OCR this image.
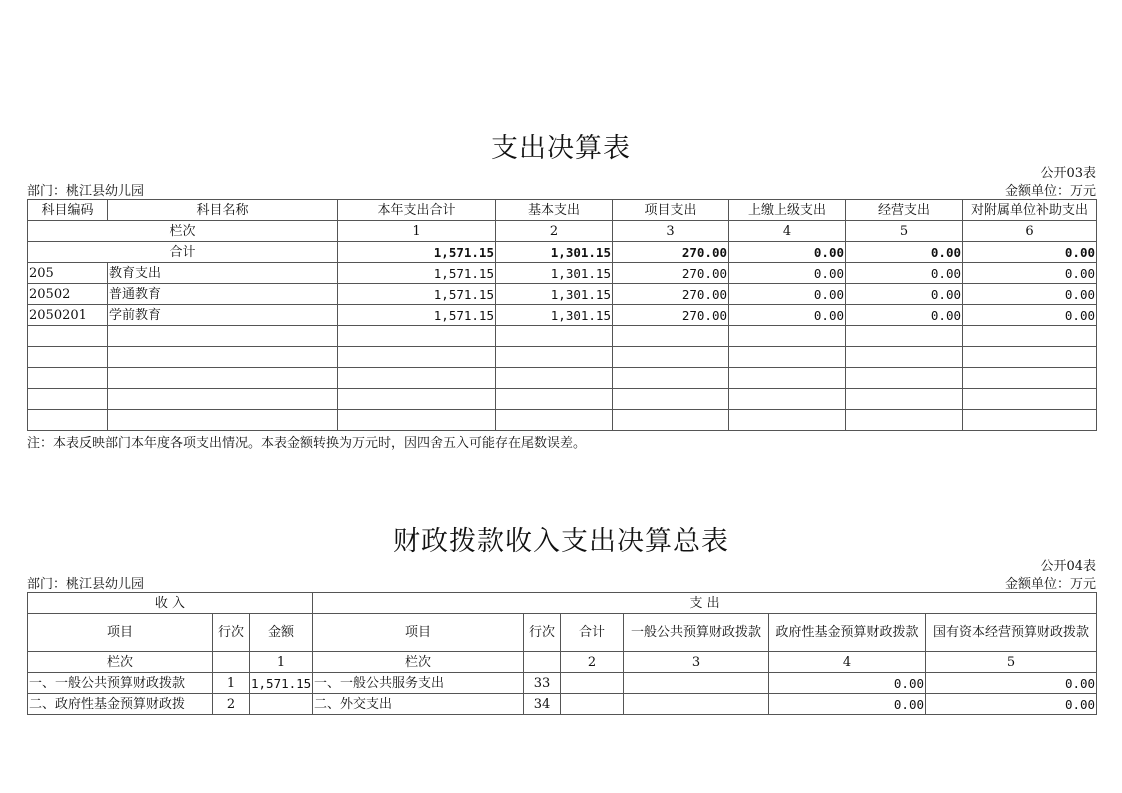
支出决算表
公开03表
部门：桃江县幼儿园	金额单位：万元
科目编码	科目名称	本年支出合计	基本支出	项目支出	上缴上级支出	经营支出	对附属单位补助支出
栏次		1	2	3	4	5	6
合计		1,571.15	1,301.15	270.00	0.00	0.00	0.00
205	教育支出	1,571.15	1,301.15	270.00	0.00	0.00	0.00
20502	普通教育	1,571.15	1,301.15	270.00	0.00	0.00	0.00
2050201	学前教育	1,571.15	1,301.15	270.00	0.00	0.00	0.00

注：本表反映部门本年度各项支出情况。本表金额转换为万元时，因四舍五入可能存在尾数误差。
财政拨款收入支出决算总表
公开04表
部门：桃江县幼儿园	金额单位：万元
收 入			支 出					
项目	行次	金额	项目	行次	合计	一般公共预算财政拨款	政府性基金预算财政拨款	国有资本经营预算财政拨款
栏次		1	栏次		2	3	4	5
一、一般公共预算财政拨款	1	1,571.15	一、一般公共服务支出	33			0.00	0.00
二、政府性基金预算财政拨	2		二、外交支出	34			0.00	0.00
